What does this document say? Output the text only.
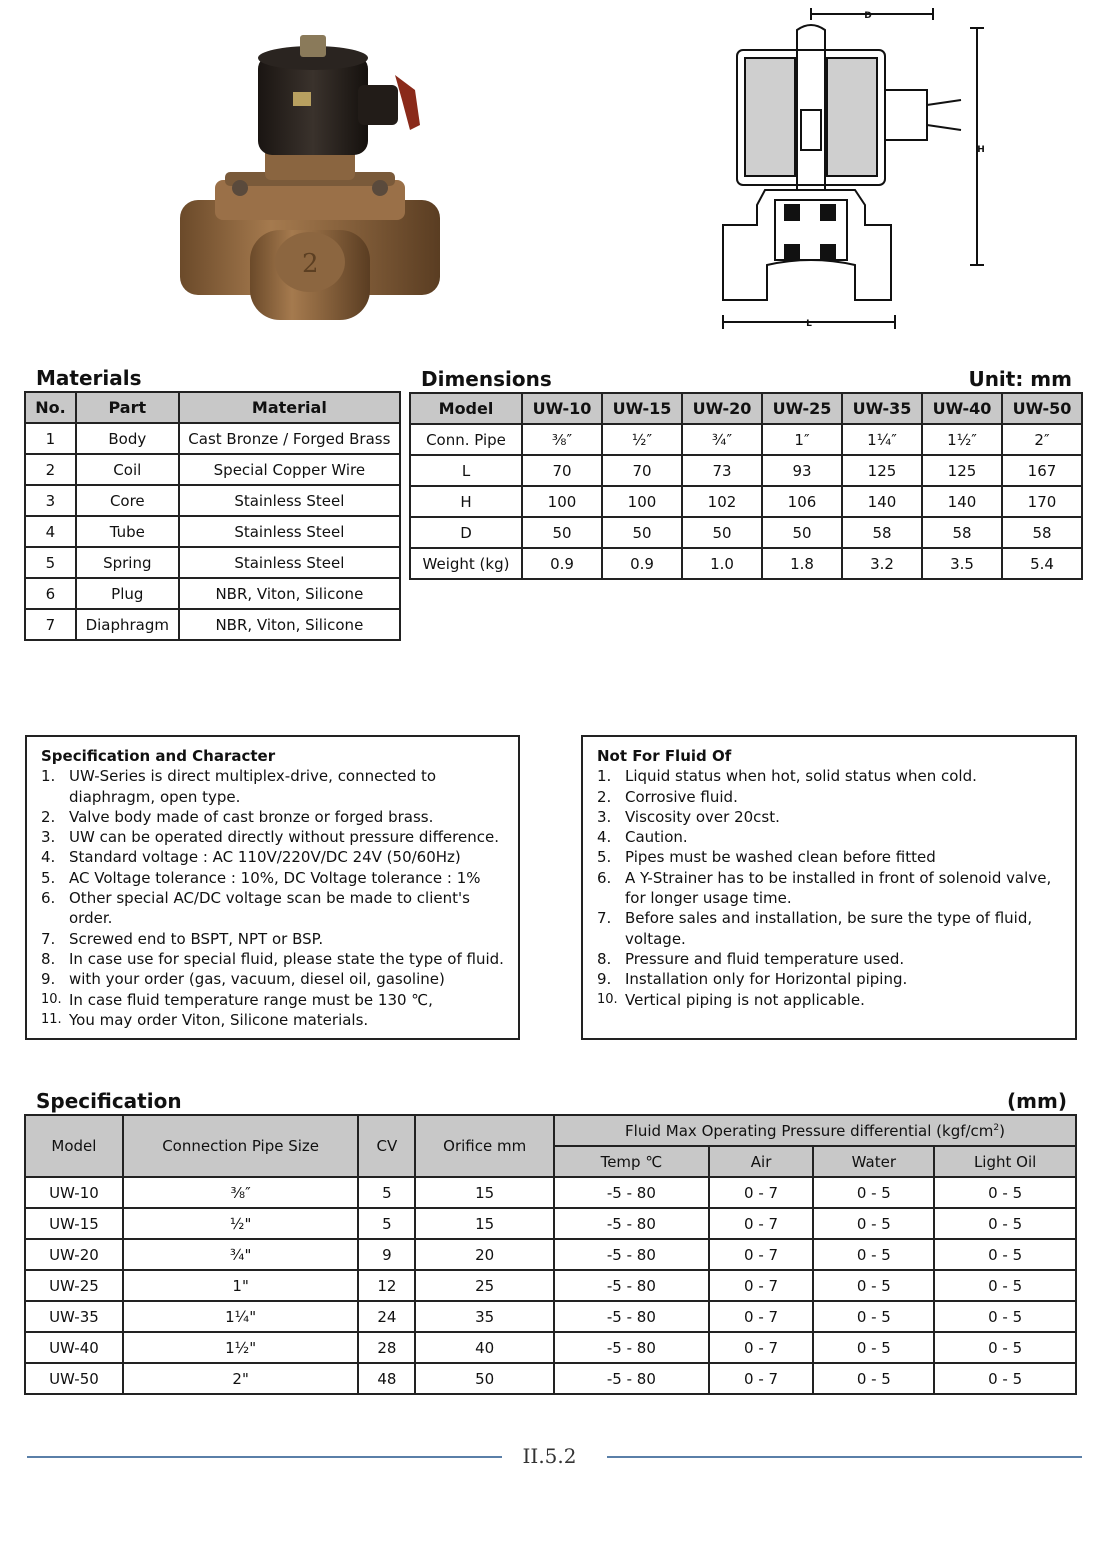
2
D
H
L
Materials
No.	Part	Material
1	Body	Cast Bronze / Forged Brass
2	Coil	Special Copper Wire
3	Core	Stainless Steel
4	Tube	Stainless Steel
5	Spring	Stainless Steel
6	Plug	NBR, Viton, Silicone
7	Diaphragm	NBR, Viton, Silicone
Dimensions	Unit: mm
Model	UW-10	UW-15	UW-20	UW-25	UW-35	UW-40	UW-50
Conn. Pipe	⅜″	½″	¾″	1″	1¼″	1½″	2″
L	70	70	73	93	125	125	167
H	100	100	102	106	140	140	170
D	50	50	50	50	58	58	58
Weight (kg)	0.9	0.9	1.0	1.8	3.2	3.5	5.4
Specification and Character
1. UW-Series is direct multiplex-drive, connected to diaphragm, open type.
2. Valve body made of cast bronze or forged brass.
3. UW can be operated directly without pressure difference.
4. Standard voltage : AC 110V/220V/DC 24V (50/60Hz)
5. AC Voltage tolerance : 10%, DC Voltage tolerance : 1%
6. Other special AC/DC voltage scan be made to client's order.
7. Screwed end to BSPT, NPT or BSP.
8. In case use for special fluid, please state the type of fluid.
9. with your order (gas, vacuum, diesel oil, gasoline)
10. In case fluid temperature range must be 130 ℃,
11. You may order Viton, Silicone materials.
Not For Fluid Of
1. Liquid status when hot, solid status when cold.
2. Corrosive fluid.
3. Viscosity over 20cst.
4. Caution.
5. Pipes must be washed clean before fitted
6. A Y-Strainer has to be installed in front of solenoid valve, for longer usage time.
7. Before sales and installation, be sure the type of fluid, voltage.
8. Pressure and fluid temperature used.
9. Installation only for Horizontal piping.
10. Vertical piping is not applicable.
Specification	(mm)
Model	Connection Pipe Size	CV	Orifice mm	Fluid Max Operating Pressure differential $(kgf/cm^2)$			
				Temp ℃	Air	Water	Light Oil
UW-10	⅜″	5	15	-5 - 80	0 - 7	0 - 5	0 - 5
UW-15	½"	5	15	-5 - 80	0 - 7	0 - 5	0 - 5
UW-20	¾"	9	20	-5 - 80	0 - 7	0 - 5	0 - 5
UW-25	1"	12	25	-5 - 80	0 - 7	0 - 5	0 - 5
UW-35	1¼"	24	35	-5 - 80	0 - 7	0 - 5	0 - 5
UW-40	1½"	28	40	-5 - 80	0 - 7	0 - 5	0 - 5
UW-50	2"	48	50	-5 - 80	0 - 7	0 - 5	0 - 5
II.5.2
